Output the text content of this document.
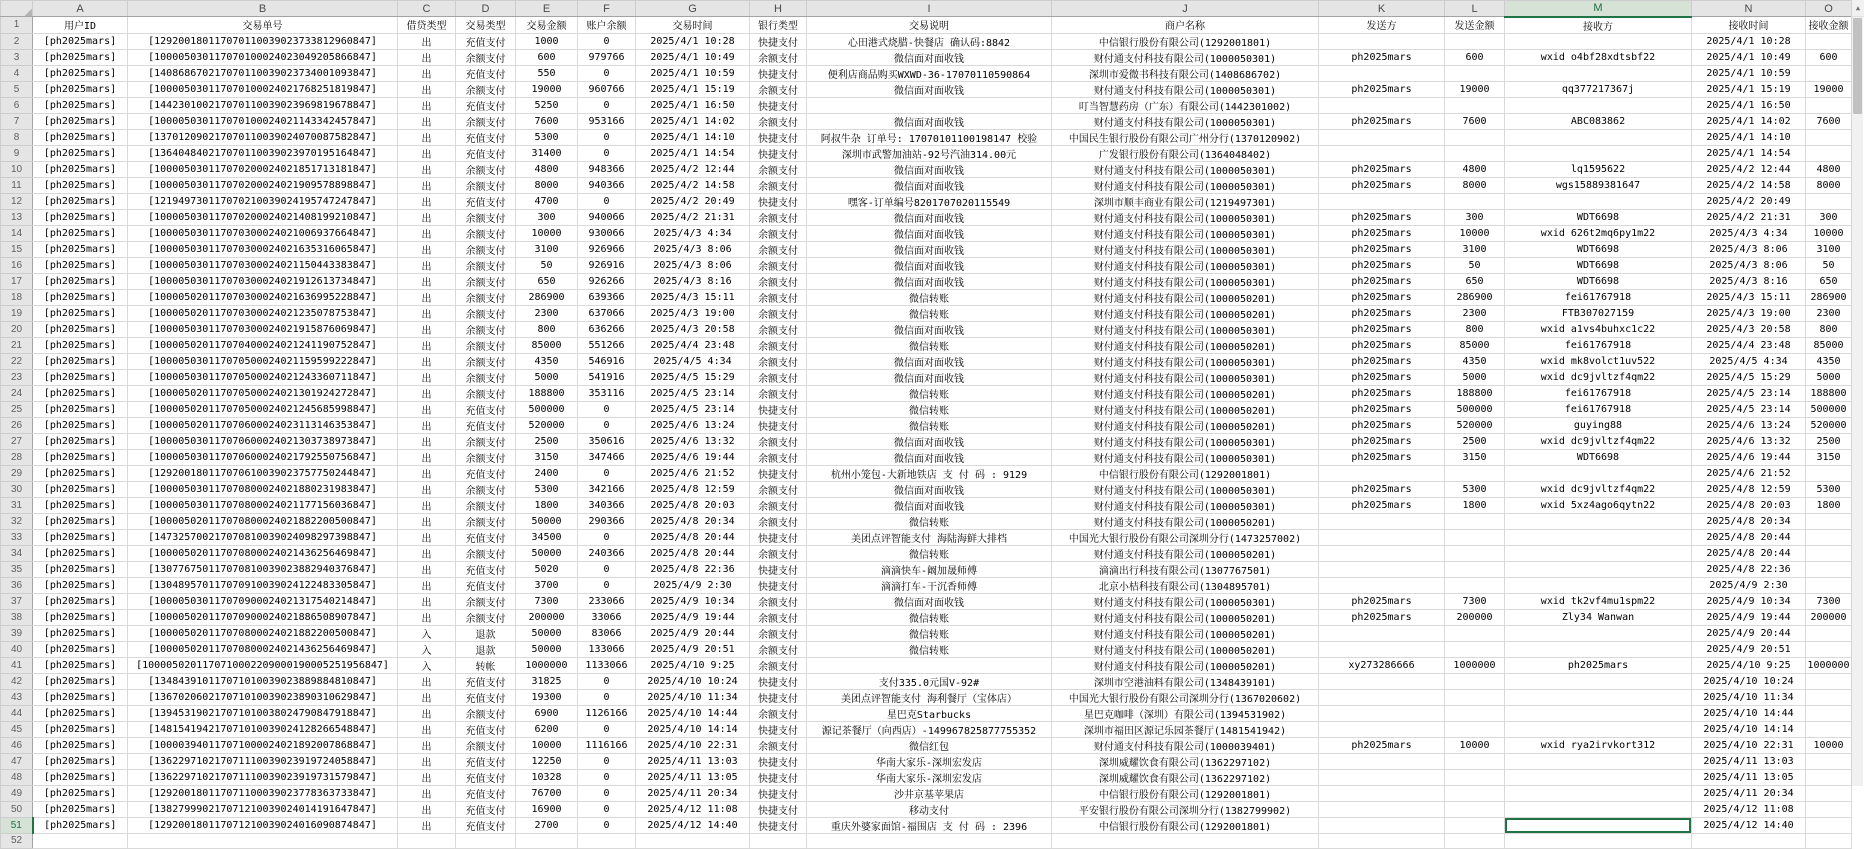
◢	A	B	C	D	E	F	G	H	I	J	K	L	M	N	O
1	用户ID	交易单号	借贷类型	交易类型	交易金额	账户余额	交易时间	银行类型	交易说明	商户名称	发送方	发送金额	接收方	接收时间	接收金额
2	[ph2025mars]	[129200180117070110039023733812960847]	出	充值支付	1000	0	2025/4/1 10:28	快捷支付	心田港式烧腊-快餐店 确认码:8842	中信银行股份有限公司(1292001801)				2025/4/1 10:28	
3	[ph2025mars]	[100005030117070100024023049205866847]	出	余额支付	600	979766	2025/4/1 10:49	余额支付	微信面对面收钱	财付通支付科技有限公司(1000050301)	ph2025mars	600	wxid o4bf28xdtsbf22	2025/4/1 10:49	600
4	[ph2025mars]	[140868670217070110039023734001093847]	出	充值支付	550	0	2025/4/1 10:59	快捷支付	便利店商品购买WXWD-36-17070110590864	深圳市爱微书科技有限公司(1408686702)				2025/4/1 10:59	
5	[ph2025mars]	[100005030117070100024021768251819847]	出	余额支付	19000	960766	2025/4/1 15:19	余额支付	微信面对面收钱	财付通支付科技有限公司(1000050301)	ph2025mars	19000	qq377217367j	2025/4/1 15:19	19000
6	[ph2025mars]	[144230100217070110039023969819678847]	出	充值支付	5250	0	2025/4/1 16:50	快捷支付		叮当智慧药房（广东）有限公司(1442301002)				2025/4/1 16:50	
7	[ph2025mars]	[100005030117070100024021143342457847]	出	余额支付	7600	953166	2025/4/1 14:02	余额支付	微信面对面收钱	财付通支付科技有限公司(1000050301)	ph2025mars	7600	ABC083862	2025/4/1 14:02	7600
8	[ph2025mars]	[137012090217070110039024070087582847]	出	充值支付	5300	0	2025/4/1 14:10	快捷支付	阿叔牛杂 订单号: 17070101100198147 校验	中国民生银行股份有限公司广州分行(1370120902)				2025/4/1 14:10	
9	[ph2025mars]	[136404840217070110039023970195164847]	出	充值支付	31400	0	2025/4/1 14:54	快捷支付	深圳市武警加油站-92号汽油314.00元	广发银行股份有限公司(1364048402)				2025/4/1 14:54	
10	[ph2025mars]	[100005030117070200024021851713181847]	出	余额支付	4800	948366	2025/4/2 12:44	余额支付	微信面对面收钱	财付通支付科技有限公司(1000050301)	ph2025mars	4800	lq1595622	2025/4/2 12:44	4800
11	[ph2025mars]	[100005030117070200024021909578898847]	出	余额支付	8000	940366	2025/4/2 14:58	余额支付	微信面对面收钱	财付通支付科技有限公司(1000050301)	ph2025mars	8000	wgs15889381647	2025/4/2 14:58	8000
12	[ph2025mars]	[121949730117070210039024195747247847]	出	充值支付	4700	0	2025/4/2 20:49	快捷支付	嘿客-订单编号8201707020115549	深圳市顺丰商业有限公司(1219497301)				2025/4/2 20:49	
13	[ph2025mars]	[100005030117070200024021408199210847]	出	余额支付	300	940066	2025/4/2 21:31	余额支付	微信面对面收钱	财付通支付科技有限公司(1000050301)	ph2025mars	300	WDT6698	2025/4/2 21:31	300
14	[ph2025mars]	[100005030117070300024021006937664847]	出	余额支付	10000	930066	2025/4/3 4:34	余额支付	微信面对面收钱	财付通支付科技有限公司(1000050301)	ph2025mars	10000	wxid 626t2mq6py1m22	2025/4/3 4:34	10000
15	[ph2025mars]	[100005030117070300024021635316065847]	出	余额支付	3100	926966	2025/4/3 8:06	余额支付	微信面对面收钱	财付通支付科技有限公司(1000050301)	ph2025mars	3100	WDT6698	2025/4/3 8:06	3100
16	[ph2025mars]	[100005030117070300024021150443383847]	出	余额支付	50	926916	2025/4/3 8:06	余额支付	微信面对面收钱	财付通支付科技有限公司(1000050301)	ph2025mars	50	WDT6698	2025/4/3 8:06	50
17	[ph2025mars]	[100005030117070300024021912613734847]	出	余额支付	650	926266	2025/4/3 8:16	余额支付	微信面对面收钱	财付通支付科技有限公司(1000050301)	ph2025mars	650	WDT6698	2025/4/3 8:16	650
18	[ph2025mars]	[100005020117070300024021636995228847]	出	余额支付	286900	639366	2025/4/3 15:11	余额支付	微信转账	财付通支付科技有限公司(1000050201)	ph2025mars	286900	fei61767918	2025/4/3 15:11	286900
19	[ph2025mars]	[100005020117070300024021235078753847]	出	余额支付	2300	637066	2025/4/3 19:00	余额支付	微信转账	财付通支付科技有限公司(1000050201)	ph2025mars	2300	FTB307027159	2025/4/3 19:00	2300
20	[ph2025mars]	[100005030117070300024021915876069847]	出	余额支付	800	636266	2025/4/3 20:58	余额支付	微信面对面收钱	财付通支付科技有限公司(1000050301)	ph2025mars	800	wxid a1vs4buhxc1c22	2025/4/3 20:58	800
21	[ph2025mars]	[100005020117070400024021241190752847]	出	余额支付	85000	551266	2025/4/4 23:48	余额支付	微信转账	财付通支付科技有限公司(1000050201)	ph2025mars	85000	fei61767918	2025/4/4 23:48	85000
22	[ph2025mars]	[100005030117070500024021159599222847]	出	余额支付	4350	546916	2025/4/5 4:34	余额支付	微信面对面收钱	财付通支付科技有限公司(1000050301)	ph2025mars	4350	wxid mk8volct1uv522	2025/4/5 4:34	4350
23	[ph2025mars]	[100005030117070500024021243360711847]	出	余额支付	5000	541916	2025/4/5 15:29	余额支付	微信面对面收钱	财付通支付科技有限公司(1000050301)	ph2025mars	5000	wxid dc9jvltzf4qm22	2025/4/5 15:29	5000
24	[ph2025mars]	[100005020117070500024021301924272847]	出	余额支付	188800	353116	2025/4/5 23:14	余额支付	微信转账	财付通支付科技有限公司(1000050201)	ph2025mars	188800	fei61767918	2025/4/5 23:14	188800
25	[ph2025mars]	[100005020117070500024021245685998847]	出	充值支付	500000	0	2025/4/5 23:14	快捷支付	微信转账	财付通支付科技有限公司(1000050201)	ph2025mars	500000	fei61767918	2025/4/5 23:14	500000
26	[ph2025mars]	[100005020117070600024023113146353847]	出	充值支付	520000	0	2025/4/6 13:24	快捷支付	微信转账	财付通支付科技有限公司(1000050201)	ph2025mars	520000	guying88	2025/4/6 13:24	520000
27	[ph2025mars]	[100005030117070600024021303738973847]	出	余额支付	2500	350616	2025/4/6 13:32	余额支付	微信面对面收钱	财付通支付科技有限公司(1000050301)	ph2025mars	2500	wxid dc9jvltzf4qm22	2025/4/6 13:32	2500
28	[ph2025mars]	[100005030117070600024021792550756847]	出	余额支付	3150	347466	2025/4/6 19:44	余额支付	微信面对面收钱	财付通支付科技有限公司(1000050301)	ph2025mars	3150	WDT6698	2025/4/6 19:44	3150
29	[ph2025mars]	[129200180117070610039023757750244847]	出	充值支付	2400	0	2025/4/6 21:52	快捷支付	杭州小笼包-大新地铁店 支 付 码 : 9129	中信银行股份有限公司(1292001801)				2025/4/6 21:52	
30	[ph2025mars]	[100005030117070800024021880231983847]	出	余额支付	5300	342166	2025/4/8 12:59	余额支付	微信面对面收钱	财付通支付科技有限公司(1000050301)	ph2025mars	5300	wxid dc9jvltzf4qm22	2025/4/8 12:59	5300
31	[ph2025mars]	[100005030117070800024021177156036847]	出	余额支付	1800	340366	2025/4/8 20:03	余额支付	微信面对面收钱	财付通支付科技有限公司(1000050301)	ph2025mars	1800	wxid 5xz4ago6qytn22	2025/4/8 20:03	1800
32	[ph2025mars]	[100005020117070800024021882200500847]	出	余额支付	50000	290366	2025/4/8 20:34	余额支付	微信转账	财付通支付科技有限公司(1000050201)				2025/4/8 20:34	
33	[ph2025mars]	[147325700217070810039024098297398847]	出	充值支付	34500	0	2025/4/8 20:44	快捷支付	美团点评智能支付 海陆海鲜大排档	中国光大银行股份有限公司深圳分行(1473257002)				2025/4/8 20:44	
34	[ph2025mars]	[100005020117070800024021436256469847]	出	余额支付	50000	240366	2025/4/8 20:44	余额支付	微信转账	财付通支付科技有限公司(1000050201)				2025/4/8 20:44	
35	[ph2025mars]	[130776750117070810039023882940376847]	出	充值支付	5020	0	2025/4/8 22:36	快捷支付	滴滴快车-阚加晟师傅	滴滴出行科技有限公司(1307767501)				2025/4/8 22:36	
36	[ph2025mars]	[130489570117070910039024122483305847]	出	充值支付	3700	0	2025/4/9 2:30	快捷支付	滴滴打车-干沉香师傅	北京小桔科技有限公司(1304895701)				2025/4/9 2:30	
37	[ph2025mars]	[100005030117070900024021317540214847]	出	余额支付	7300	233066	2025/4/9 10:34	余额支付	微信面对面收钱	财付通支付科技有限公司(1000050301)	ph2025mars	7300	wxid tk2vf4mu1spm22	2025/4/9 10:34	7300
38	[ph2025mars]	[100005020117070900024021886508907847]	出	余额支付	200000	33066	2025/4/9 19:44	余额支付	微信转账	财付通支付科技有限公司(1000050201)	ph2025mars	200000	Zly34 Wanwan	2025/4/9 19:44	200000
39	[ph2025mars]	[100005020117070800024021882200500847]	入	退款	50000	83066	2025/4/9 20:44	余额支付	微信转账	财付通支付科技有限公司(1000050201)				2025/4/9 20:44	
40	[ph2025mars]	[100005020117070800024021436256469847]	入	退款	50000	133066	2025/4/9 20:51	余额支付	微信转账	财付通支付科技有限公司(1000050201)				2025/4/9 20:51	
41	[ph2025mars]	[1000050201170710002209000190005251956847]	入	转帐	1000000	1133066	2025/4/10 9:25	余额支付		财付通支付科技有限公司(1000050201)	xy273286666	1000000	ph2025mars	2025/4/10 9:25	1000000
42	[ph2025mars]	[134843910117071010039023889884810847]	出	充值支付	31825	0	2025/4/10 10:24	快捷支付	支付335.0元国V-92#	深圳市空港油料有限公司(1348439101)				2025/4/10 10:24	
43	[ph2025mars]	[136702060217071010039023890310629847]	出	充值支付	19300	0	2025/4/10 11:34	快捷支付	美团点评智能支付 海利餐厅（宝体店）	中国光大银行股份有限公司深圳分行(1367020602)				2025/4/10 11:34	
44	[ph2025mars]	[139453190217071010038024790847918847]	出	余额支付	6900	1126166	2025/4/10 14:44	余额支付	星巴克Starbucks	星巴克咖啡（深圳）有限公司(1394531902)				2025/4/10 14:44	
45	[ph2025mars]	[148154194217071010039024128266548847]	出	充值支付	6200	0	2025/4/10 14:14	快捷支付	源记茶餐厅（向西店）-149967825877755352	深圳市福田区源记乐园茶餐厅(1481541942)				2025/4/10 14:14	
46	[ph2025mars]	[100003940117071000024021892007868847]	出	余额支付	10000	1116166	2025/4/10 22:31	余额支付	微信红包	财付通支付科技有限公司(1000039401)	ph2025mars	10000	wxid rya2irvkort312	2025/4/10 22:31	10000
47	[ph2025mars]	[136229710217071110039023919724058847]	出	充值支付	12250	0	2025/4/11 13:03	快捷支付	华南大家乐-深圳宏发店	深圳威耀饮食有限公司(1362297102)				2025/4/11 13:03	
48	[ph2025mars]	[136229710217071110039023919731579847]	出	充值支付	10328	0	2025/4/11 13:05	快捷支付	华南大家乐-深圳宏发店	深圳威耀饮食有限公司(1362297102)				2025/4/11 13:05	
49	[ph2025mars]	[129200180117071100039023778363733847]	出	充值支付	76700	0	2025/4/11 20:34	快捷支付	沙井京基苹果店	中信银行股份有限公司(1292001801)				2025/4/11 20:34	
50	[ph2025mars]	[138279990217071210039024014191647847]	出	充值支付	16900	0	2025/4/12 11:08	快捷支付	移动支付	平安银行股份有限公司深圳分行(1382799902)				2025/4/12 11:08	
51	[ph2025mars]	[129200180117071210039024016090874847]	出	充值支付	2700	0	2025/4/12 14:40	快捷支付	重庆外婆家面馆-福围店 支 付 码 : 2396	中信银行股份有限公司(1292001801)				2025/4/12 14:40	
52															
▲
